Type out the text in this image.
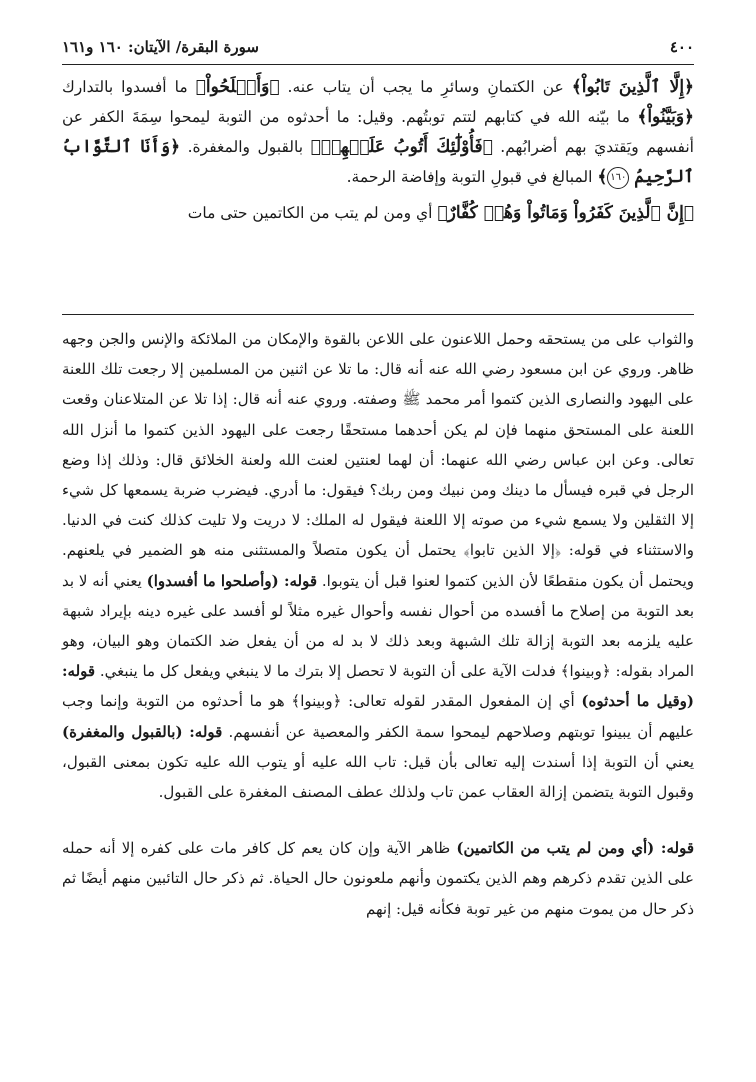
٤٠٠
سورة البقرة/ الآيتان: ١٦٠ و١٦١

﴿إِلَّا ٱلَّذِينَ تَابُواْ﴾ عن الكتمانِ وسائرِ ما يجب أن يتاب عنه. ﴿وَأَصۡلَحُواْ﴾ ما أفسدوا بالتدارك ﴿وَبَيَّنُواْ﴾ ما بيّنه الله في كتابهم لتتم توبتُهم. وقيل: ما أحدثوه من التوبة ليمحوا سِمَةَ الكفر عن أنفسهم ويَقتديَ بهم أضرابُهم. ﴿فَأُوْلَٰٓئِكَ أَتُوبُ عَلَيۡهِمۡ﴾ بالقبول والمغفرة. ﴿وَأَنَا ٱلتَّوَّابُ ٱلرَّحِيمُ ١٦٠﴾ المبالغ في قبولِ التوبة وإفاضة الرحمة.

﴿إِنَّ ٱلَّذِينَ كَفَرُواْ وَمَاتُواْ وَهُمۡ كُفَّارٌ﴾ أي ومن لم يتب من الكاتمين حتى مات

والثواب على من يستحقه وحمل اللاعنون على اللاعن بالقوة والإمكان من الملائكة والإنس والجن وجهه ظاهر. وروي عن ابن مسعود رضي الله عنه أنه قال: ما تلا عن اثنين من المسلمين إلا رجعت تلك اللعنة على اليهود والنصارى الذين كتموا أمر محمد ﷺ وصفته. وروي عنه أنه قال: إذا تلا عن المتلاعنان وقعت اللعنة على المستحق منهما فإن لم يكن أحدهما مستحقًا رجعت على اليهود الذين كتموا ما أنزل الله تعالى. وعن ابن عباس رضي الله عنهما: أن لهما لعنتين لعنت الله ولعنة الخلائق قال: وذلك إذا وضع الرجل في قبره فيسأل ما دينك ومن نبيك ومن ربك؟ فيقول: ما أدري. فيضرب ضربة يسمعها كل شيء إلا الثقلين ولا يسمع شيء من صوته إلا اللعنة فيقول له الملك: لا دريت ولا تليت كذلك كنت في الدنيا. والاستثناء في قوله: ﴿إلا الذين تابوا﴾ يحتمل أن يكون متصلاً والمستثنى منه هو الضمير في يلعنهم. ويحتمل أن يكون منقطعًا لأن الذين كتموا لعنوا قبل أن يتوبوا. قوله: (وأصلحوا ما أفسدوا) يعني أنه لا بد بعد التوبة من إصلاح ما أفسده من أحوال نفسه وأحوال غيره مثلاً لو أفسد على غيره دينه بإيراد شبهة عليه يلزمه بعد التوبة إزالة تلك الشبهة وبعد ذلك لا بد له من أن يفعل ضد الكتمان وهو البيان، وهو المراد بقوله: ﴿وبينوا﴾ فدلت الآية على أن التوبة لا تحصل إلا بترك ما لا ينبغي ويفعل كل ما ينبغي. قوله: (وقيل ما أحدثوه) أي إن المفعول المقدر لقوله تعالى: ﴿وبينوا﴾ هو ما أحدثوه من التوبة وإنما وجب عليهم أن يبينوا توبتهم وصلاحهم ليمحوا سمة الكفر والمعصية عن أنفسهم. قوله: (بالقبول والمغفرة) يعني أن التوبة إذا أسندت إليه تعالى بأن قيل: تاب الله عليه أو يتوب الله عليه تكون بمعنى القبول، وقبول التوبة يتضمن إزالة العقاب عمن تاب ولذلك عطف المصنف المغفرة على القبول.

قوله: (أي ومن لم يتب من الكاتمين) ظاهر الآية وإن كان يعم كل كافر مات على كفره إلا أنه حمله على الذين تقدم ذكرهم وهم الذين يكتمون وأنهم ملعونون حال الحياة. ثم ذكر حال التائبين منهم أيضًا ثم ذكر حال من يموت منهم من غير توبة فكأنه قيل: إنهم
